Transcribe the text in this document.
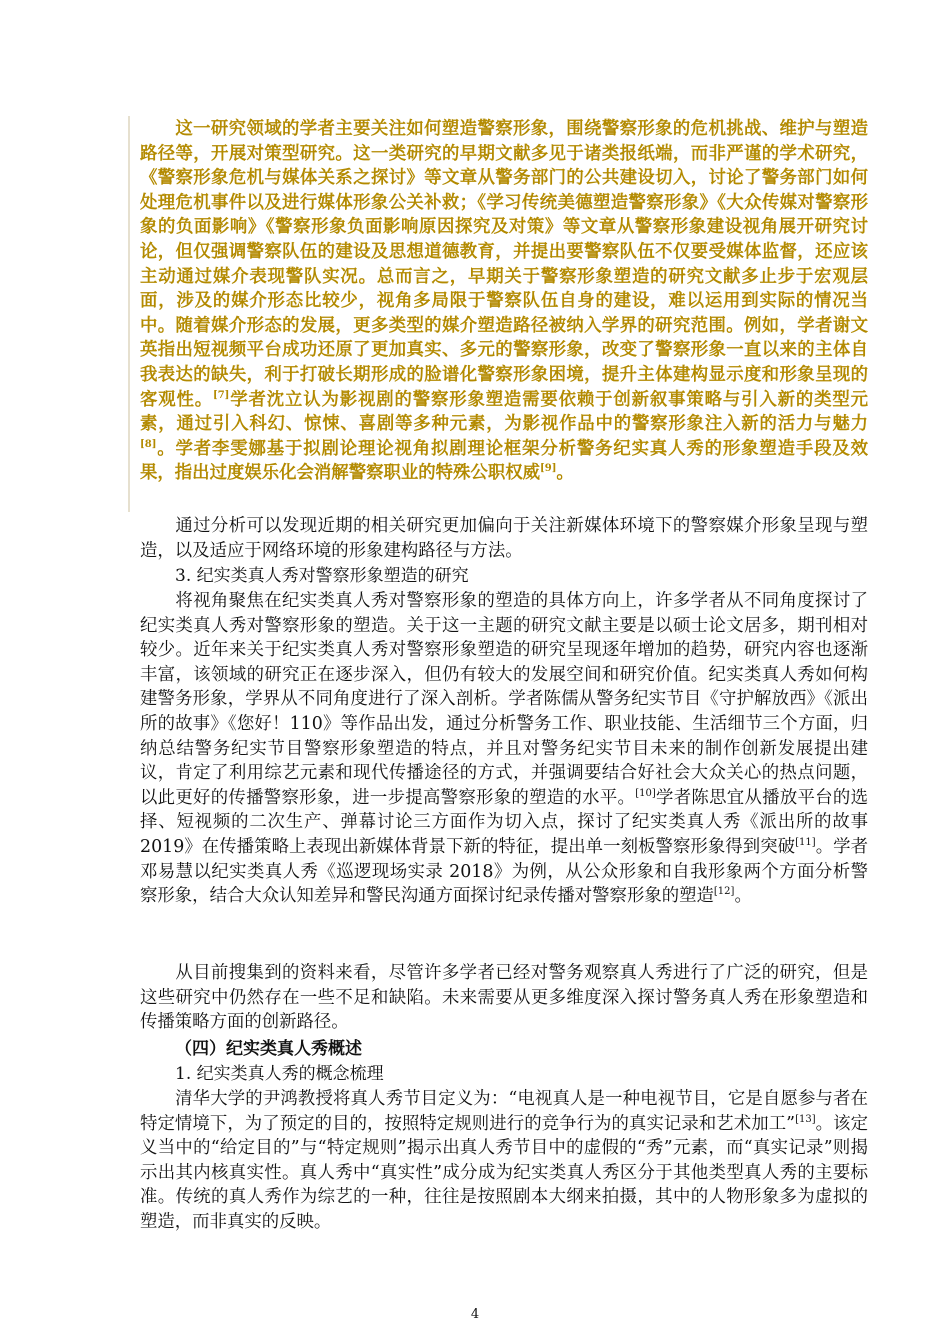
这一研究领域的学者主要关注如何塑造警察形象，围绕警察形象的危机挑战、维护与塑造路径等，开展对策型研究。这一类研究的早期文献多见于诸类报纸端，而非严谨的学术研究，《警察形象危机与媒体关系之探讨》等文章从警务部门的公共建设切入，讨论了警务部门如何处理危机事件以及进行媒体形象公关补救；《学习传统美德塑造警察形象》《大众传媒对警察形象的负面影响》《警察形象负面影响原因探究及对策》等文章从警察形象建设视角展开研究讨论，但仅强调警察队伍的建设及思想道德教育，并提出要警察队伍不仅要受媒体监督，还应该主动通过媒介表现警队实况。总而言之，早期关于警察形象塑造的研究文献多止步于宏观层面，涉及的媒介形态比较少，视角多局限于警察队伍自身的建设，难以运用到实际的情况当中。随着媒介形态的发展，更多类型的媒介塑造路径被纳入学界的研究范围。例如，学者谢文英指出短视频平台成功还原了更加真实、多元的警察形象，改变了警察形象一直以来的主体自我表达的缺失，利于打破长期形成的脸谱化警察形象困境，提升主体建构显示度和形象呈现的客观性。[7]学者沈立认为影视剧的警察形象塑造需要依赖于创新叙事策略与引入新的类型元素，通过引入科幻、惊悚、喜剧等多种元素，为影视作品中的警察形象注入新的活力与魅力[8]。学者李雯娜基于拟剧论理论视角拟剧理论框架分析警务纪实真人秀的形象塑造手段及效果，指出过度娱乐化会消解警察职业的特殊公职权威[9]。

通过分析可以发现近期的相关研究更加偏向于关注新媒体环境下的警察媒介形象呈现与塑造，以及适应于网络环境的形象建构路径与方法。

3. 纪实类真人秀对警察形象塑造的研究

将视角聚焦在纪实类真人秀对警察形象的塑造的具体方向上，许多学者从不同角度探讨了纪实类真人秀对警察形象的塑造。关于这一主题的研究文献主要是以硕士论文居多，期刊相对较少。近年来关于纪实类真人秀对警察形象塑造的研究呈现逐年增加的趋势，研究内容也逐渐丰富，该领域的研究正在逐步深入，但仍有较大的发展空间和研究价值。纪实类真人秀如何构建警务形象，学界从不同角度进行了深入剖析。学者陈儒从警务纪实节目《守护解放西》《派出所的故事》《您好！110》等作品出发，通过分析警务工作、职业技能、生活细节三个方面，归纳总结警务纪实节目警察形象塑造的特点，并且对警务纪实节目未来的制作创新发展提出建议，肯定了利用综艺元素和现代传播途径的方式，并强调要结合好社会大众关心的热点问题，以此更好的传播警察形象，进一步提高警察形象的塑造的水平。[10]学者陈思宜从播放平台的选择、短视频的二次生产、弹幕讨论三方面作为切入点，探讨了纪实类真人秀《派出所的故事2019》在传播策略上表现出新媒体背景下新的特征，提出单一刻板警察形象得到突破[11]。学者邓易慧以纪实类真人秀《巡逻现场实录 2018》为例，从公众形象和自我形象两个方面分析警察形象，结合大众认知差异和警民沟通方面探讨纪录传播对警察形象的塑造[12]。

从目前搜集到的资料来看，尽管许多学者已经对警务观察真人秀进行了广泛的研究，但是这些研究中仍然存在一些不足和缺陷。未来需要从更多维度深入探讨警务真人秀在形象塑造和传播策略方面的创新路径。

（四）纪实类真人秀概述

1. 纪实类真人秀的概念梳理

清华大学的尹鸿教授将真人秀节目定义为：“电视真人是一种电视节目，它是自愿参与者在特定情境下，为了预定的目的，按照特定规则进行的竞争行为的真实记录和艺术加工”[13]。该定义当中的“给定目的”与“特定规则”揭示出真人秀节目中的虚假的“秀”元素，而“真实记录”则揭示出其内核真实性。真人秀中“真实性”成分成为纪实类真人秀区分于其他类型真人秀的主要标准。传统的真人秀作为综艺的一种，往往是按照剧本大纲来拍摄，其中的人物形象多为虚拟的塑造，而非真实的反映。

4
